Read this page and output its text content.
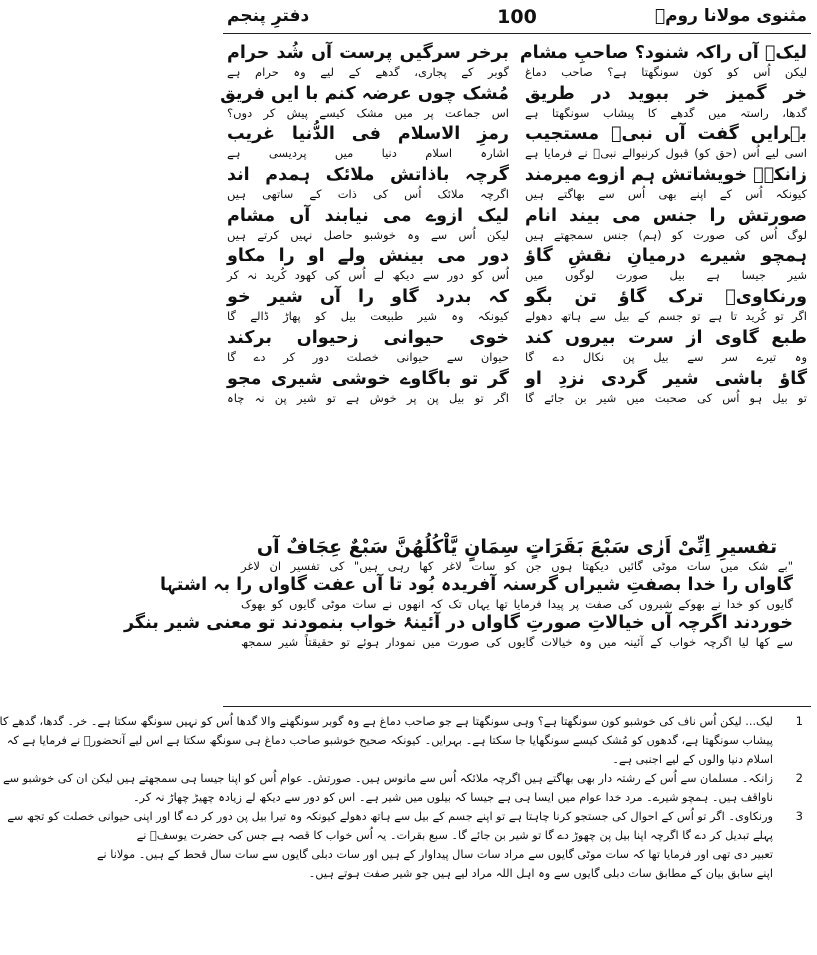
مثنوی مولانا رومؒ
100
دفترِ پنجم
لیکؔ آں راکہ شنود؟ صاحبِ مشام
لیکن اُس کو کون سونگھتا ہے؟ صاحب دماغ
خر گمیز خر ببوید در طریق
گدھا، راستہ میں گدھے کا پیشاب سونگھتا ہے
بہرایں گفت آں نبیؐ مستجیب
اسی لیے اُس (حق کو) قبول کرنیوالے نبیؐ نے فرمایا ہے
زانکہؔ خویشاتش ہم ازوے میرمند
کیونکہ اُس کے اپنے بھی اُس سے بھاگتے ہیں
صورتش را جنس می بیند انام
لوگ اُس کی صورت کو (ہم) جنس سمجھتے ہیں
ہمچو شیرے درمیانِ نقشِ گاؤ
شیر جیسا ہے بیل صورت لوگوں میں
ورنکاویؔ ترک گاؤ تن بگو
اگر تو کُرید تا ہے تو جسم کے بیل سے ہاتھ دھولے
طبع گاوی از سرت بیروں کند
وہ تیرے سر سے بیل پن نکال دے گا
گاؤ باشی شیر گردی نزدِ او
تو بیل ہو اُس کی صحبت میں شیر بن جائے گا
برخر سرگیں پرست آں شُد حرام
گوبر کے پجاری، گدھے کے لیے وہ حرام ہے
مُشک چوں عرضہ کنم با ایں فریق
اس جماعت پر میں مشک کیسے پیش کر دوں؟
رمزِ الاسلام فی الدُّنیا غریب
اشارہ اسلام دنیا میں پردیسی ہے
گرچہ باذاتش ملائک ہمدم اند
اگرچہ ملائک اُس کی ذات کے ساتھی ہیں
لیک ازوے می نیابند آں مشام
لیکن اُس سے وہ خوشبو حاصل نہیں کرتے ہیں
دور می بینش ولے او را مکاو
اُس کو دور سے دیکھ لے اُس کی کھود کُرید نہ کر
کہ بدرد گاو را آں شیر خو
کیونکہ وہ شیر طبیعت بیل کو پھاڑ ڈالے گا
خوی حیوانی زحیواں برکند
حیوان سے حیوانی خصلت دور کر دے گا
گر تو باگاوے خوشی شیری مجو
اگر تو بیل پن پر خوش ہے تو شیر پن نہ چاہ
تفسیرِ اِنِّیْ اَرٰی سَبْعَ بَقَرَاتٍ سِمَانٍ یَّاْکُلُھُنَّ سَبْعٌ عِجَافٌ آں
"بے شک میں سات موٹی گائیں دیکھتا ہوں جن کو سات لاغر کھا رہی ہیں" کی تفسیر ان لاغر
گاواں را خدا بصفتِ شیراں گرسنہ آفریدہ بُود تا آں عفت گاواں را بہ اشتہا
گایوں کو خدا نے بھوکے شیروں کی صفت پر پیدا فرمایا تھا یہاں تک کہ انھوں نے سات موٹی گایوں کو بھوک
خوردند اگرچہ آں خیالاتِ صورتِ گاواں در آئینۂ خواب بنمودند تو معنی شیر بنگر
سے کھا لیا اگرچہ خواب کے آئینہ میں وہ خیالات گایوں کی صورت میں نمودار ہوئے تو حقیقتاً شیر سمجھ
1
لیک... لیکن اُس ناف کی خوشبو کون سونگھتا ہے؟ وہی سونگھتا ہے جو صاحب دماغ ہے وہ گوبر سونگھنے والا گدھا اُس کو نہیں سونگھ سکتا ہے۔ خر۔ گدھا، گدھے کا
پیشاب سونگھتا ہے، گدھوں کو مُشک کیسے سونگھایا جا سکتا ہے۔ بہرایں۔ کیونکہ صحیح خوشبو صاحب دماغ ہی سونگھ سکتا ہے اس لیے آنحضورؐ نے فرمایا ہے کہ
اسلام دنیا والوں کے لیے اجنبی ہے۔
2
زانکہ۔ مسلمان سے اُس کے رشتہ دار بھی بھاگتے ہیں اگرچہ ملائکہ اُس سے مانوس ہیں۔ صورتش۔ عوام اُس کو اپنا جیسا ہی سمجھتے ہیں لیکن ان کی خوشبو سے
ناواقف ہیں۔ ہمچو شیرے۔ مرد خدا عوام میں ایسا ہی ہے جیسا کہ بیلوں میں شیر ہے۔ اس کو دور سے دیکھ لے زیادہ چھیڑ چھاڑ نہ کر۔
3
ورنکاوی۔ اگر تو اُس کے احوال کی جستجو کرنا چاہتا ہے تو اپنے جسم کے بیل سے ہاتھ دھولے کیونکہ وہ تیرا بیل پن دور کر دے گا اور اپنی حیوانی خصلت کو تجھ سے
پہلے تبدیل کر دے گا اگرچہ اپنا بیل پن چھوڑ دے گا تو شیر بن جائے گا۔ سبع بقرات۔ یہ اُس خواب کا قصہ ہے جس کی حضرت یوسفؑ نے
تعبیر دی تھی اور فرمایا تھا کہ سات موٹی گایوں سے مراد سات سال پیداوار کے ہیں اور سات دبلی گایوں سے سات سال قحط کے ہیں۔ مولانا نے
اپنے سابق بیان کے مطابق سات دبلی گایوں سے وہ اہل اللہ مراد لیے ہیں جو شیر صفت ہوتے ہیں۔
